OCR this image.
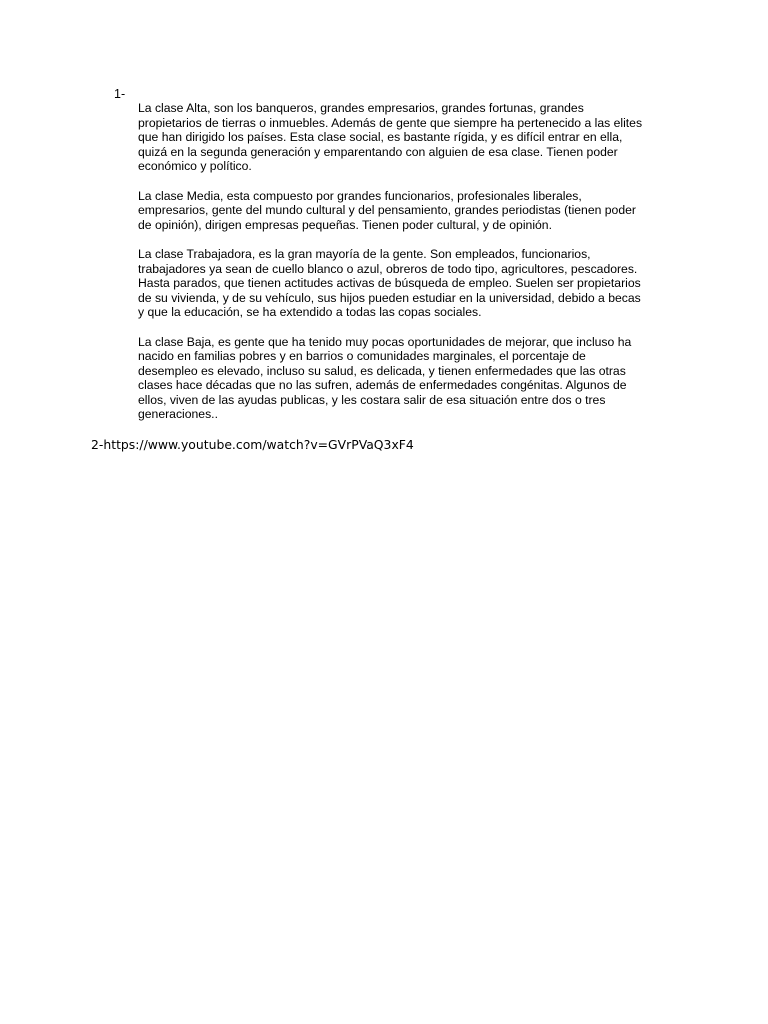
1-

La clase Alta, son los banqueros, grandes empresarios, grandes fortunas, grandes
propietarios de tierras o inmuebles. Además de gente que siempre ha pertenecido a las elites
que han dirigido los países. Esta clase social, es bastante rígida, y es difícil entrar en ella,
quizá en la segunda generación y emparentando con alguien de esa clase. Tienen poder
económico y político.

La clase Media, esta compuesto por grandes funcionarios, profesionales liberales,
empresarios, gente del mundo cultural y del pensamiento, grandes periodistas (tienen poder
de opinión), dirigen empresas pequeñas. Tienen poder cultural, y de opinión.

La clase Trabajadora, es la gran mayoría de la gente. Son empleados, funcionarios,
trabajadores ya sean de cuello blanco o azul, obreros de todo tipo, agricultores, pescadores.
Hasta parados, que tienen actitudes activas de búsqueda de empleo. Suelen ser propietarios
de su vivienda, y de su vehículo, sus hijos pueden estudiar en la universidad, debido a becas
y que la educación, se ha extendido a todas las copas sociales.

La clase Baja, es gente que ha tenido muy pocas oportunidades de mejorar, que incluso ha
nacido en familias pobres y en barrios o comunidades marginales, el porcentaje de
desempleo es elevado, incluso su salud, es delicada, y tienen enfermedades que las otras
clases hace décadas que no las sufren, además de enfermedades congénitas. Algunos de
ellos, viven de las ayudas publicas, y les costara salir de esa situación entre dos o tres
generaciones..

2-https://www.youtube.com/watch?v=GVrPVaQ3xF4
